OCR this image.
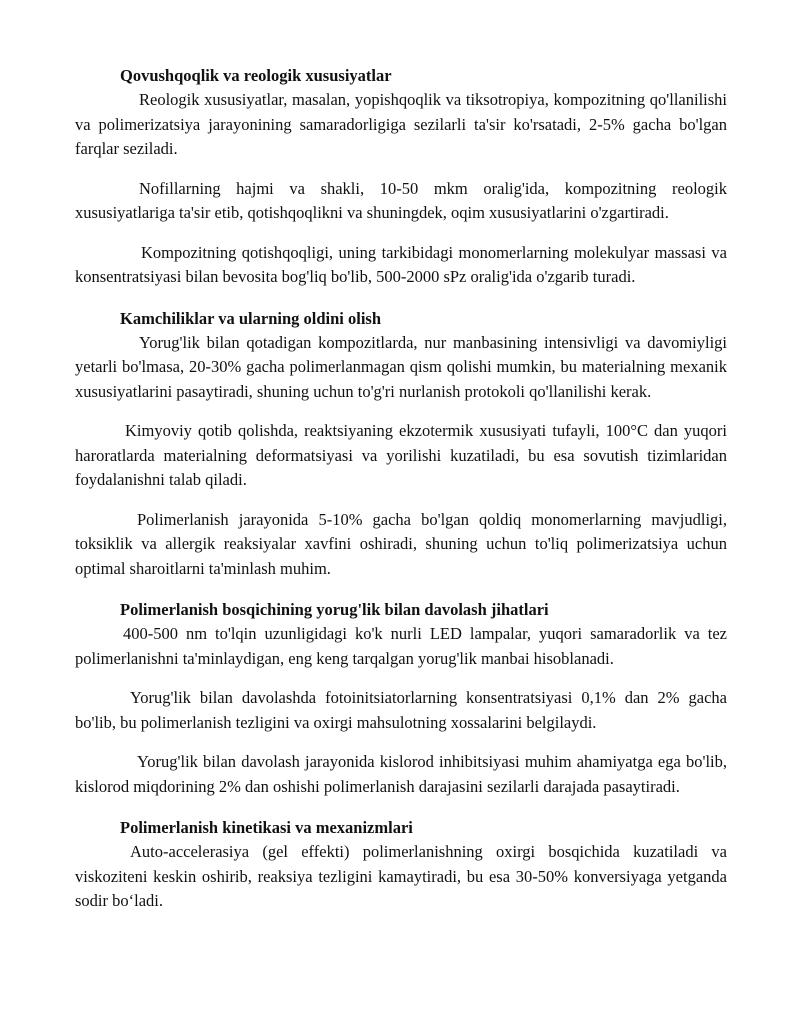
Qovushqoqlik va reologik xususiyatlar

Reologik xususiyatlar, masalan, yopishqoqlik va tiksotropiya, kompozitning qo'llanilishi va polimerizatsiya jarayonining samaradorligiga sezilarli ta'sir ko'rsatadi, 2-5% gacha bo'lgan farqlar seziladi.

Nofillarning hajmi va shakli, 10-50 mkm oralig'ida, kompozitning reologik xususiyatlariga ta'sir etib, qotishqoqlikni va shuningdek, oqim xususiyatlarini o'zgartiradi.

Kompozitning qotishqoqligi, uning tarkibidagi monomerlarning molekulyar massasi va konsentratsiyasi bilan bevosita bog'liq bo'lib, 500-2000 sPz oralig'ida o'zgarib turadi.

Kamchiliklar va ularning oldini olish

Yorug'lik bilan qotadigan kompozitlarda, nur manbasining intensivligi va davomiyligi yetarli bo'lmasa, 20-30% gacha polimerlanmagan qism qolishi mumkin, bu materialning mexanik xususiyatlarini pasaytiradi, shuning uchun to'g'ri nurlanish protokoli qo'llanilishi kerak.

Kimyoviy qotib qolishda, reaktsiyaning ekzotermik xususiyati tufayli, 100°C dan yuqori haroratlarda materialning deformatsiyasi va yorilishi kuzatiladi, bu esa sovutish tizimlaridan foydalanishni talab qiladi.

Polimerlanish jarayonida 5-10% gacha bo'lgan qoldiq monomerlarning mavjudligi, toksiklik va allergik reaksiyalar xavfini oshiradi, shuning uchun to'liq polimerizatsiya uchun optimal sharoitlarni ta'minlash muhim.

Polimerlanish bosqichining yorug'lik bilan davolash jihatlari

400-500 nm to'lqin uzunligidagi ko'k nurli LED lampalar, yuqori samaradorlik va tez polimerlanishni ta'minlaydigan, eng keng tarqalgan yorug'lik manbai hisoblanadi.

Yorug'lik bilan davolashda fotoinitsiatorlarning konsentratsiyasi 0,1% dan 2% gacha bo'lib, bu polimerlanish tezligini va oxirgi mahsulotning xossalarini belgilaydi.

Yorug'lik bilan davolash jarayonida kislorod inhibitsiyasi muhim ahamiyatga ega bo'lib, kislorod miqdorining 2% dan oshishi polimerlanish darajasini sezilarli darajada pasaytiradi.

Polimerlanish kinetikasi va mexanizmlari

Auto-accelerasiya (gel effekti) polimerlanishning oxirgi bosqichida kuzatiladi va viskoziteni keskin oshirib, reaksiya tezligini kamaytiradi, bu esa 30-50% konversiyaga yetganda sodir bo‘ladi.
